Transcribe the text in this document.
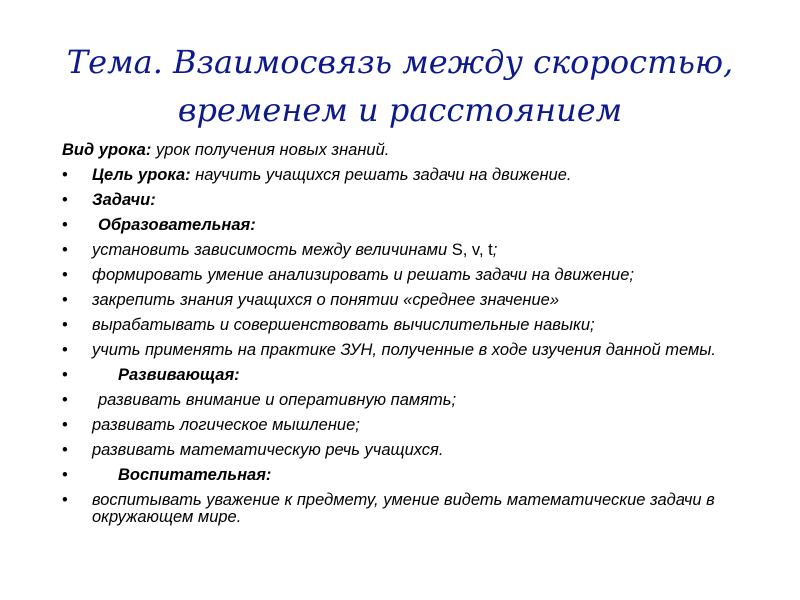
Тема. Взаимосвязь между скоростью,
временем и расстоянием
Вид урока: урок получения новых знаний.
• Цель урока: научить учащихся решать задачи на движение.
• Задачи:
• Образовательная:
• установить зависимость между величинами S, v, t;
• формировать умение анализировать и решать задачи на движение;
• закрепить знания учащихся о понятии «среднее значение»
• вырабатывать и совершенствовать вычислительные навыки;
• учить применять на практике ЗУН, полученные в ходе изучения данной темы.
•	Развивающая:
• развивать внимание и оперативную память;
• развивать логическое мышление;
• развивать математическую речь учащихся.
•	Воспитательная:
• воспитывать уважение к предмету, умение видеть математические задачи в окружающем мире.
